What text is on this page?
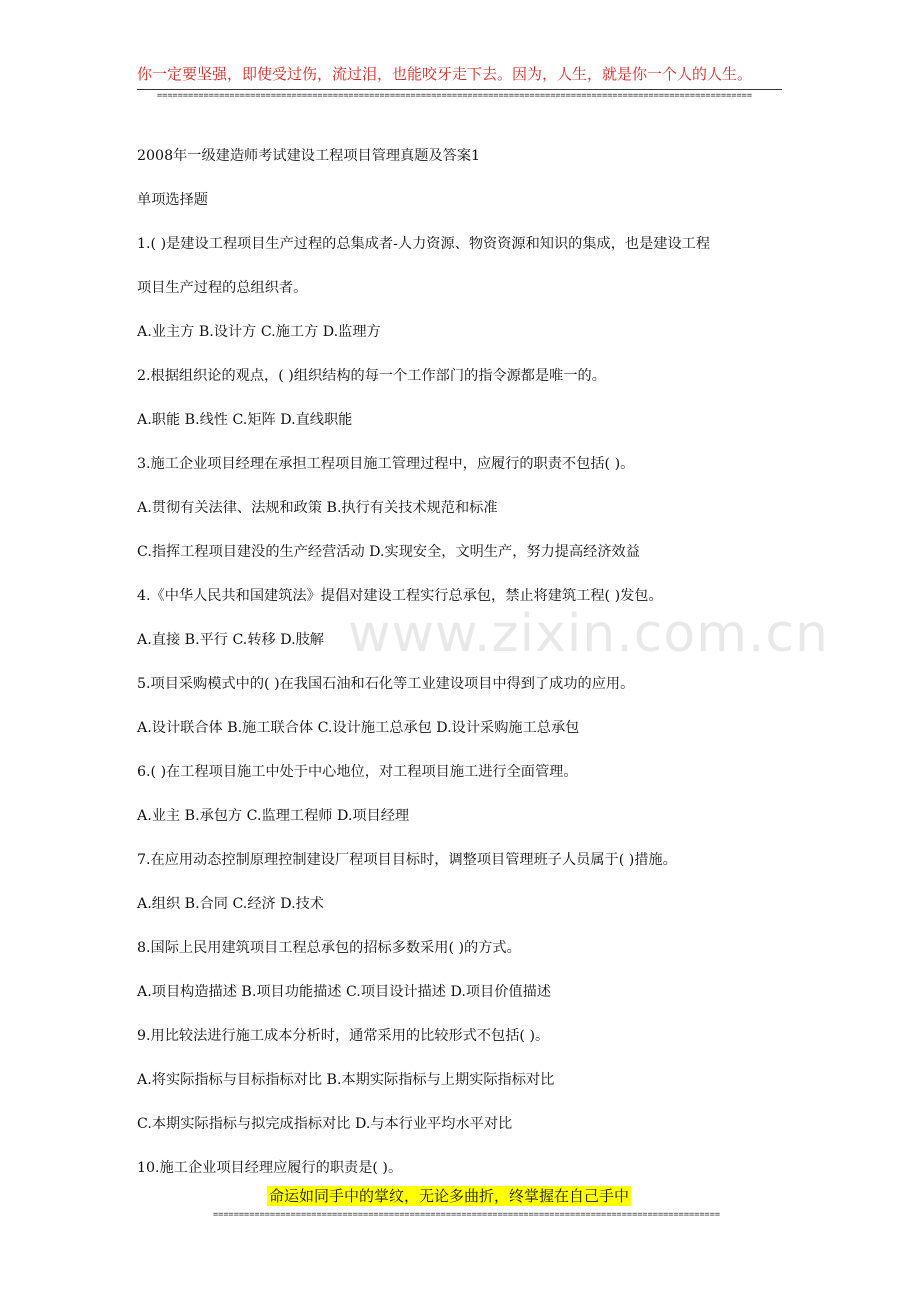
你一定要坚强，即使受过伤，流过泪，也能咬牙走下去。因为，人生，就是你一个人的人生。
===================================================================================================================
www.zixin.com.cn
2008年一级建造师考试建设工程项目管理真题及答案1
单项选择题
1.( )是建设工程项目生产过程的总集成者-人力资源、物资资源和知识的集成，也是建设工程
项目生产过程的总组织者。
A.业主方 B.设计方 C.施工方 D.监理方
2.根据组织论的观点，( )组织结构的每一个工作部门的指令源都是唯一的。
A.职能 B.线性 C.矩阵 D.直线职能
3.施工企业项目经理在承担工程项目施工管理过程中，应履行的职责不包括( )。
A.贯彻有关法律、法规和政策 B.执行有关技术规范和标准
C.指挥工程项目建没的生产经营活动 D.实现安全，文明生产，努力提高经济效益
4.《中华人民共和国建筑法》提倡对建设工程实行总承包，禁止将建筑工程( )发包。
A.直接 B.平行 C.转移 D.肢解
5.项目采购模式中的( )在我国石油和石化等工业建设项目中得到了成功的应用。
A.设计联合体 B.施工联合体 C.设计施工总承包 D.设计采购施工总承包
6.( )在工程项目施工中处于中心地位，对工程项目施工进行全面管理。
A.业主 B.承包方 C.监理工程师 D.项目经理
7.在应用动态控制原理控制建设厂程项目目标时，调整项目管理班子人员属于( )措施。
A.组织 B.合同 C.经济 D.技术
8.国际上民用建筑项目工程总承包的招标多数采用( )的方式。
A.项目构造描述 B.项目功能描述 C.项目设计描述 D.项目价值描述
9.用比较法进行施工成本分析时，通常采用的比较形式不包括( )。
A.将实际指标与目标指标对比 B.本期实际指标与上期实际指标对比
C.本期实际指标与拟完成指标对比 D.与本行业平均水平对比
10.施工企业项目经理应履行的职责是( )。
命运如同手中的掌纹，无论多曲折，终掌握在自己手中
==================================================================================================
